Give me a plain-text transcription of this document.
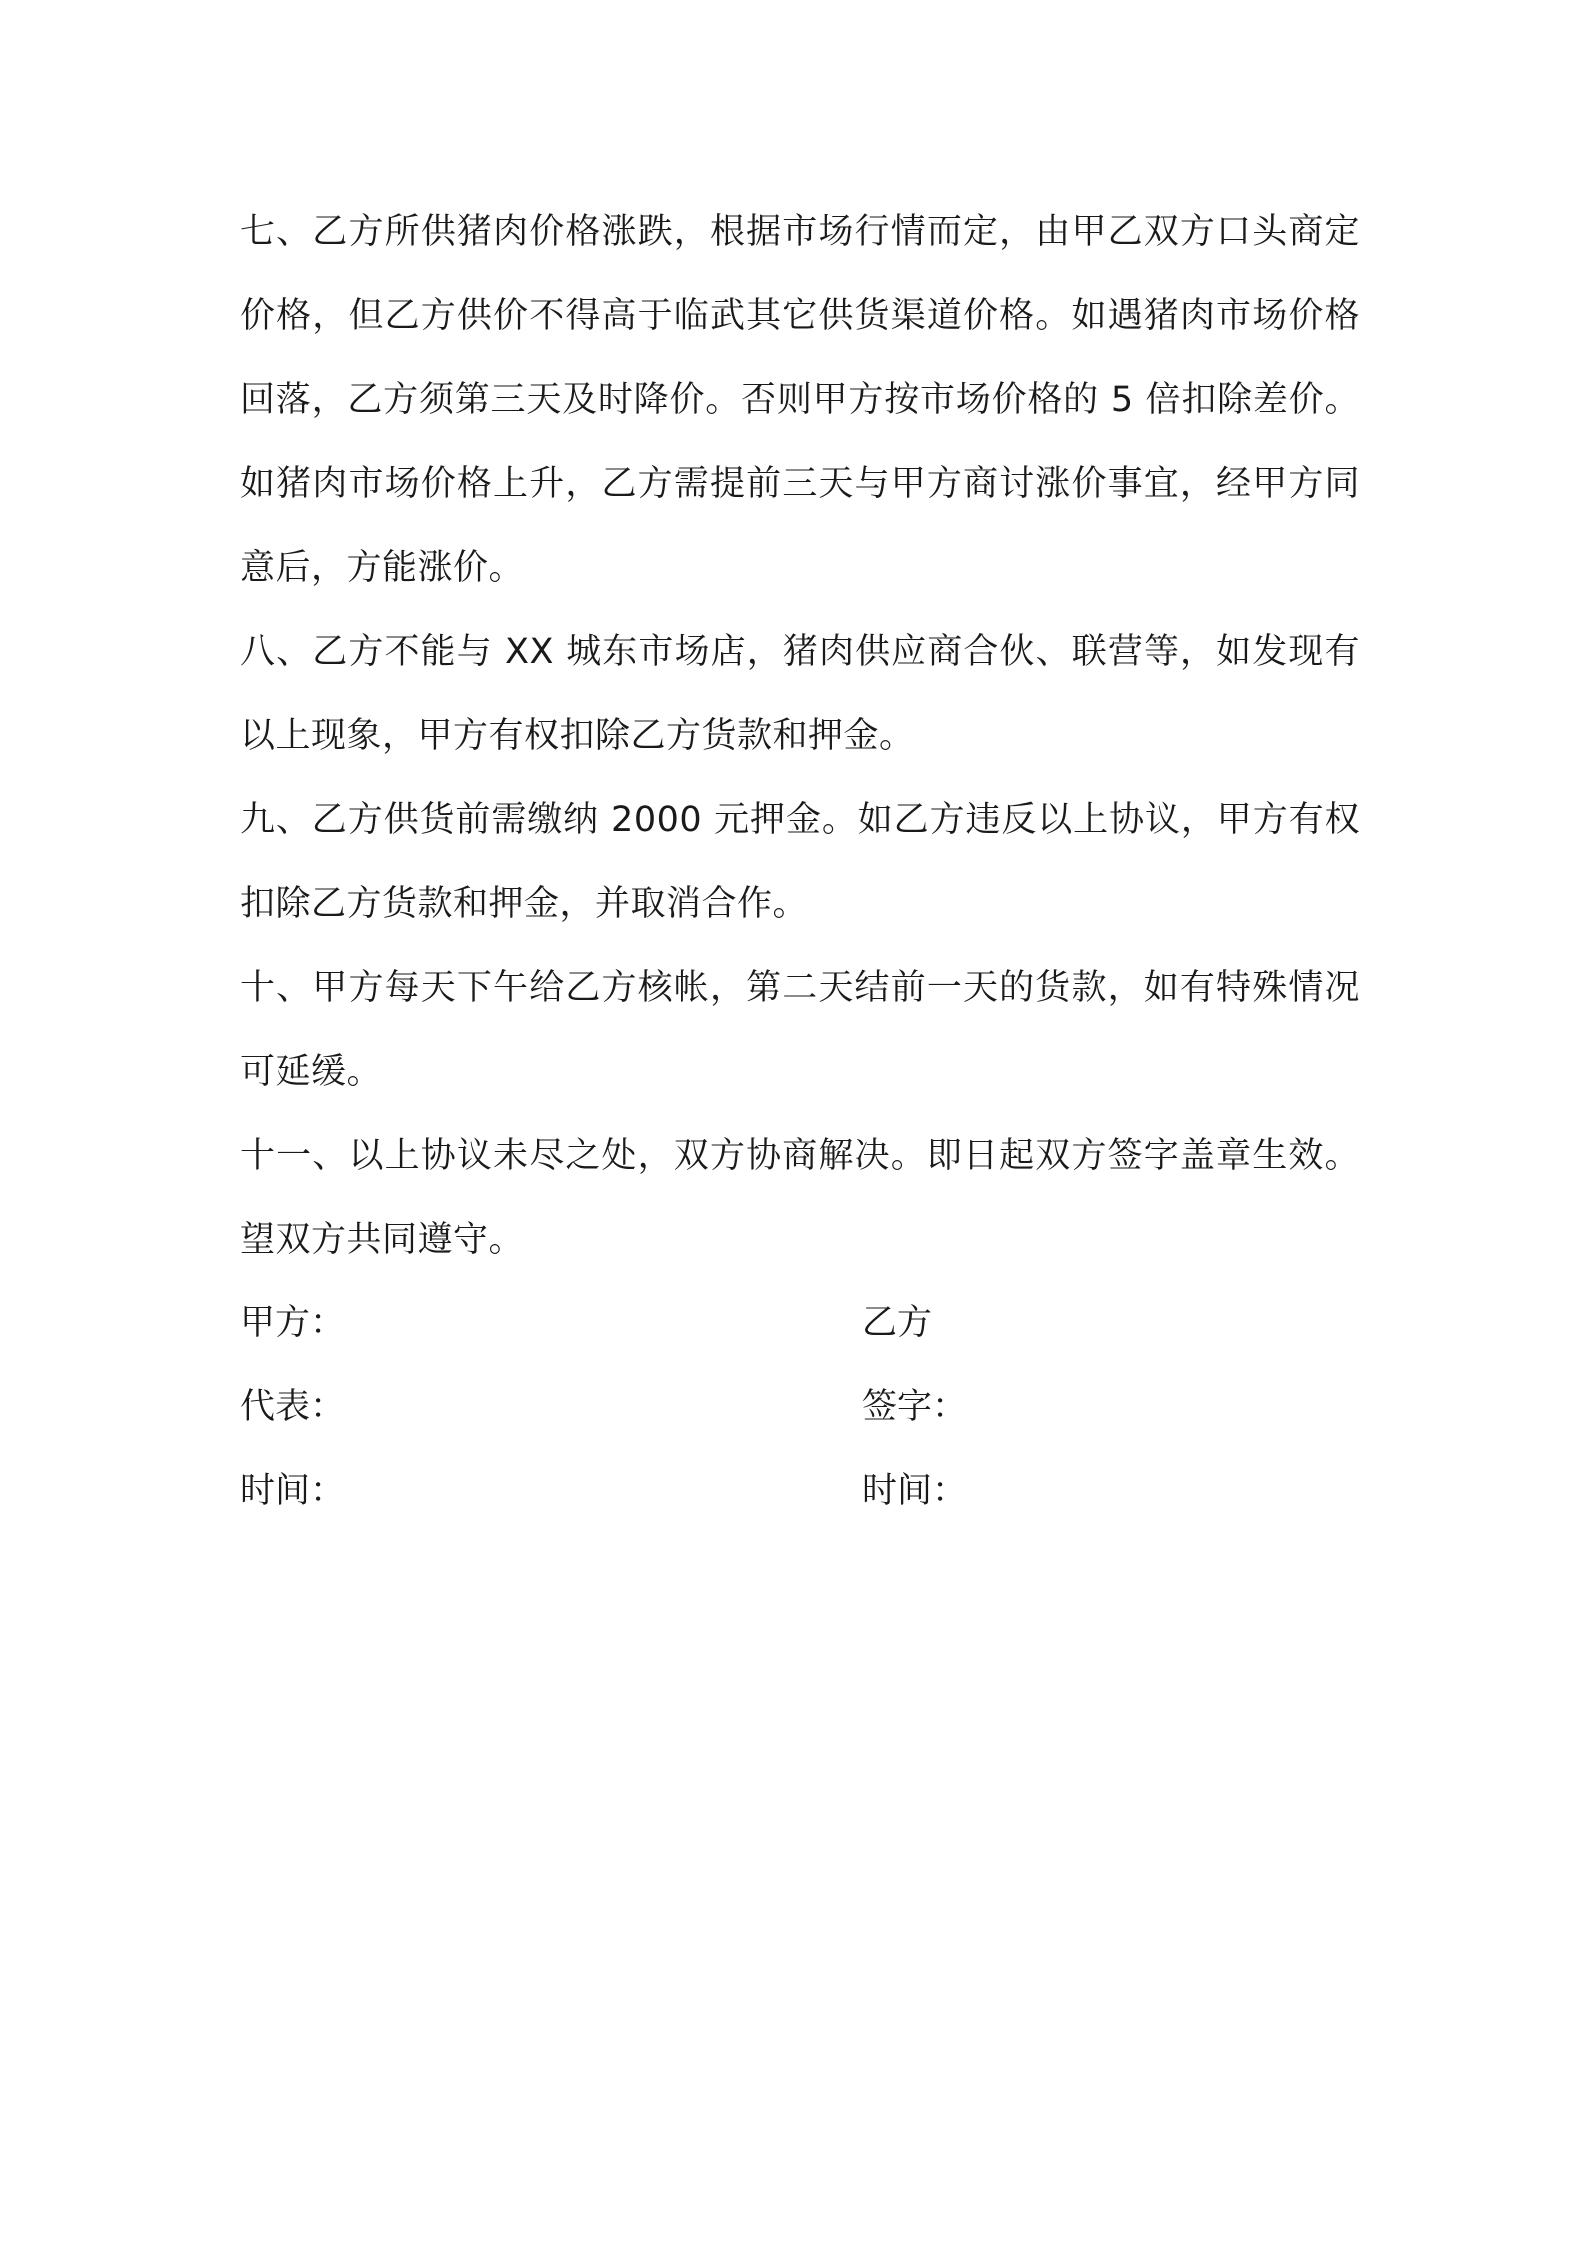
七、乙方所供猪肉价格涨跌，根据市场行情而定，由甲乙双方口头商定价格，但乙方供价不得高于临武其它供货渠道价格。如遇猪肉市场价格回落，乙方须第三天及时降价。否则甲方按市场价格的 5 倍扣除差价。如猪肉市场价格上升，乙方需提前三天与甲方商讨涨价事宜，经甲方同意后，方能涨价。

八、乙方不能与 XX 城东市场店，猪肉供应商合伙、联营等，如发现有以上现象，甲方有权扣除乙方货款和押金。

九、乙方供货前需缴纳 2000 元押金。如乙方违反以上协议，甲方有权扣除乙方货款和押金，并取消合作。

十、甲方每天下午给乙方核帐，第二天结前一天的货款，如有特殊情况可延缓。

十一、以上协议未尽之处，双方协商解决。即日起双方签字盖章生效。望双方共同遵守。

甲方：	乙方
代表：	签字：
时间：	时间：
